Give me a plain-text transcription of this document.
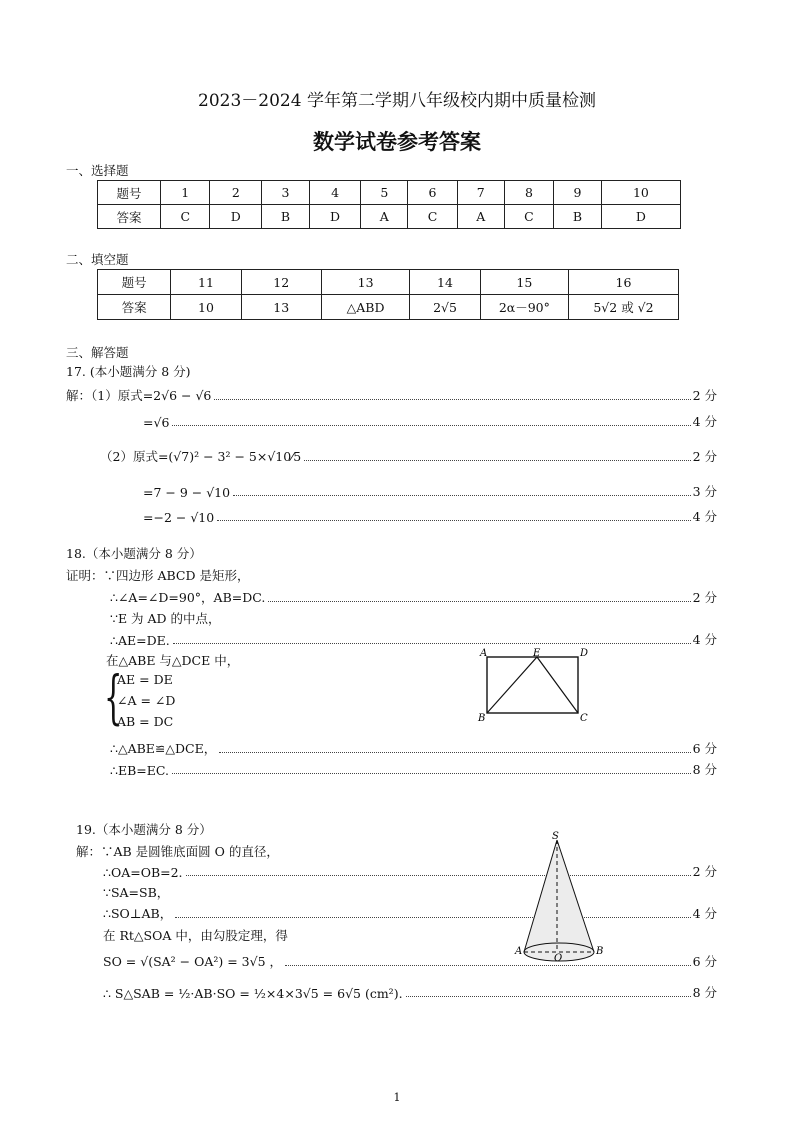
2023－2024 学年第二学期八年级校内期中质量检测
数学试卷参考答案
一、选择题
题号	1	2	3	4	5	6	7	8	9	10
答案	C	D	B	D	A	C	A	C	B	D
二、填空题
题号	11	12	13	14	15	16
答案	10	13	△ABD	2√5	2α－90°	5√2 或 √2
三、解答题
17. (本小题满分 8 分)
18.（本小题满分 8 分）
19.（本小题满分 8 分）
解：（1）原式=2√6 − √6	2 分
=√6	4 分
（2）原式=(√7)² − 3² − 5×√10⁄5	2 分
=7 − 9 − √10	3 分
=−2 − √10	4 分
证明：∵四边形 ABCD 是矩形，
∴∠A=∠D=90°，AB=DC.	2 分
∵E 为 AD 的中点，
∴AE=DE.	4 分
在△ABE 与△DCE 中，
AE = DE
∠A = ∠D
AB = DC
∴△ABE≌△DCE，	6 分
∴EB=EC.	8 分
解：∵AB 是圆锥底面圆 O 的直径，
∴OA=OB=2.	2 分
∵SA=SB，
∴SO⊥AB，	4 分
在 Rt△SOA 中，由勾股定理，得
SO = √(SA² − OA²) = 3√5 ，	6 分
∴ S△SAB = ½·AB·SO = ½×4×3√5 = 6√5 (cm²).	8 分
{
A	E	D
B	C
S
A
O
B
1
